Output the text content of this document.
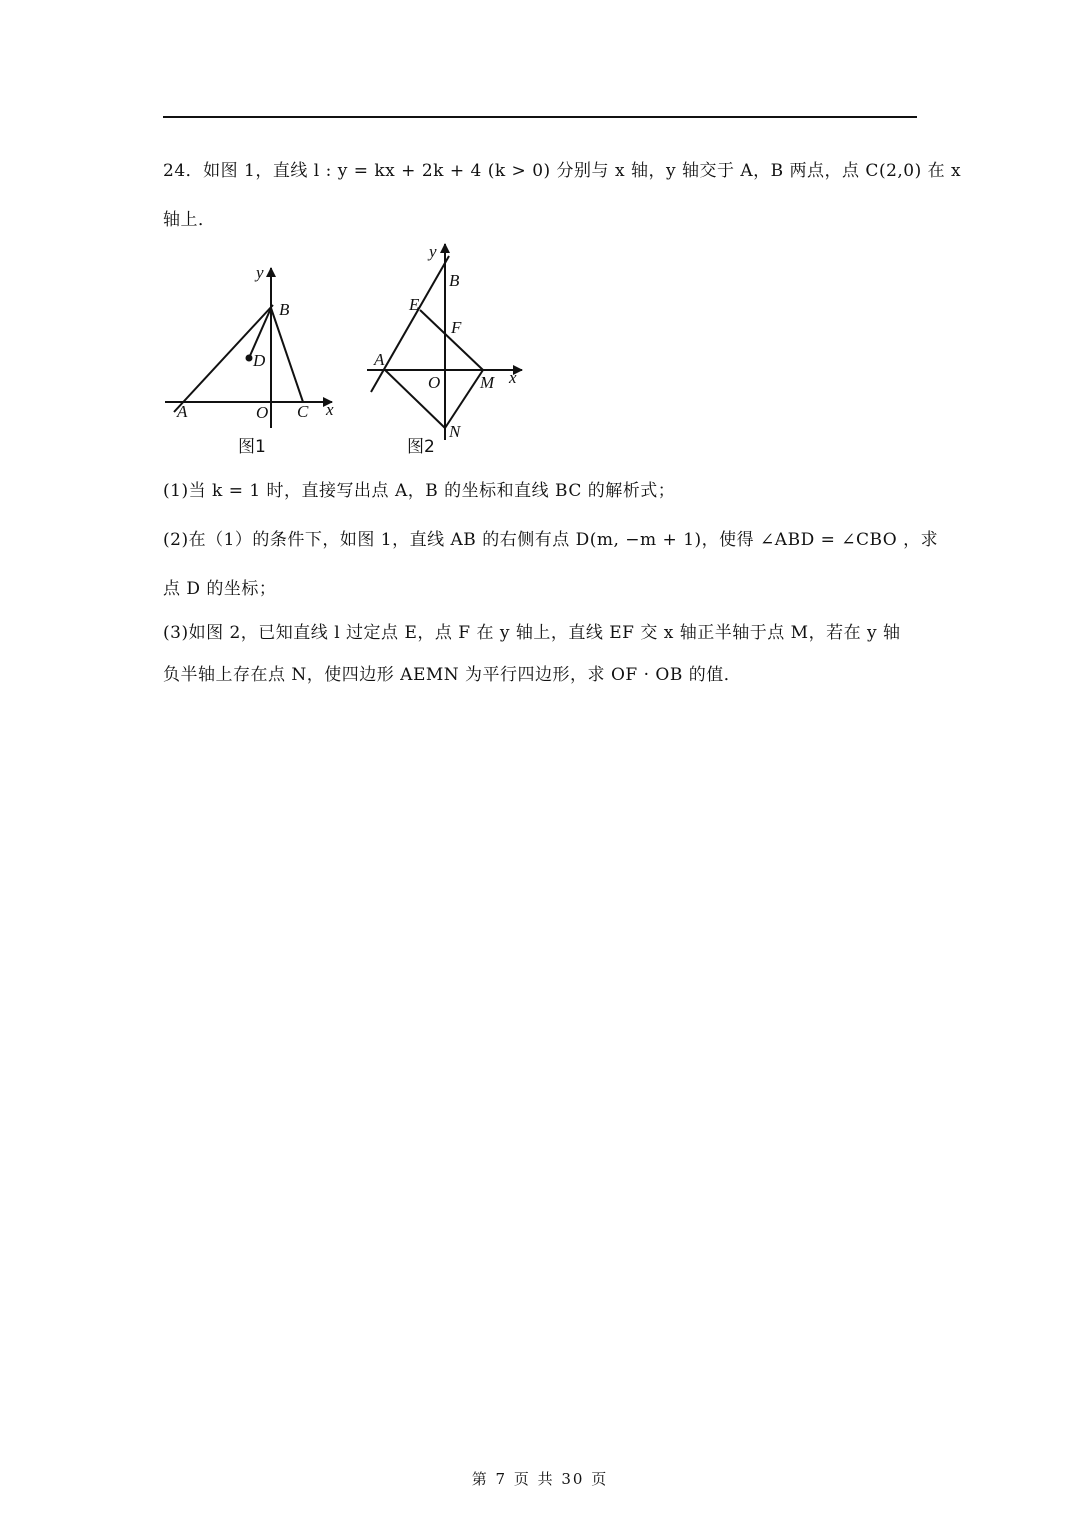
24．如图 1，直线 l : y = kx + 2k + 4 (k > 0) 分别与 x 轴，y 轴交于 A，B 两点，点 C(2,0) 在 x
轴上．
y
B
D
A	O C x
图1
y
B
E
F
A
O M x
N
图2
(1)当 k = 1 时，直接写出点 A，B 的坐标和直线 BC 的解析式；
(2)在（1）的条件下，如图 1，直线 AB 的右侧有点 D(m, −m + 1)，使得 ∠ABD = ∠CBO ，求
点 D 的坐标；
(3)如图 2，已知直线 l 过定点 E，点 F 在 y 轴上，直线 EF 交 x 轴正半轴于点 M，若在 y 轴
负半轴上存在点 N，使四边形 AEMN 为平行四边形，求 OF · OB 的值．
第 7 页 共 30 页
